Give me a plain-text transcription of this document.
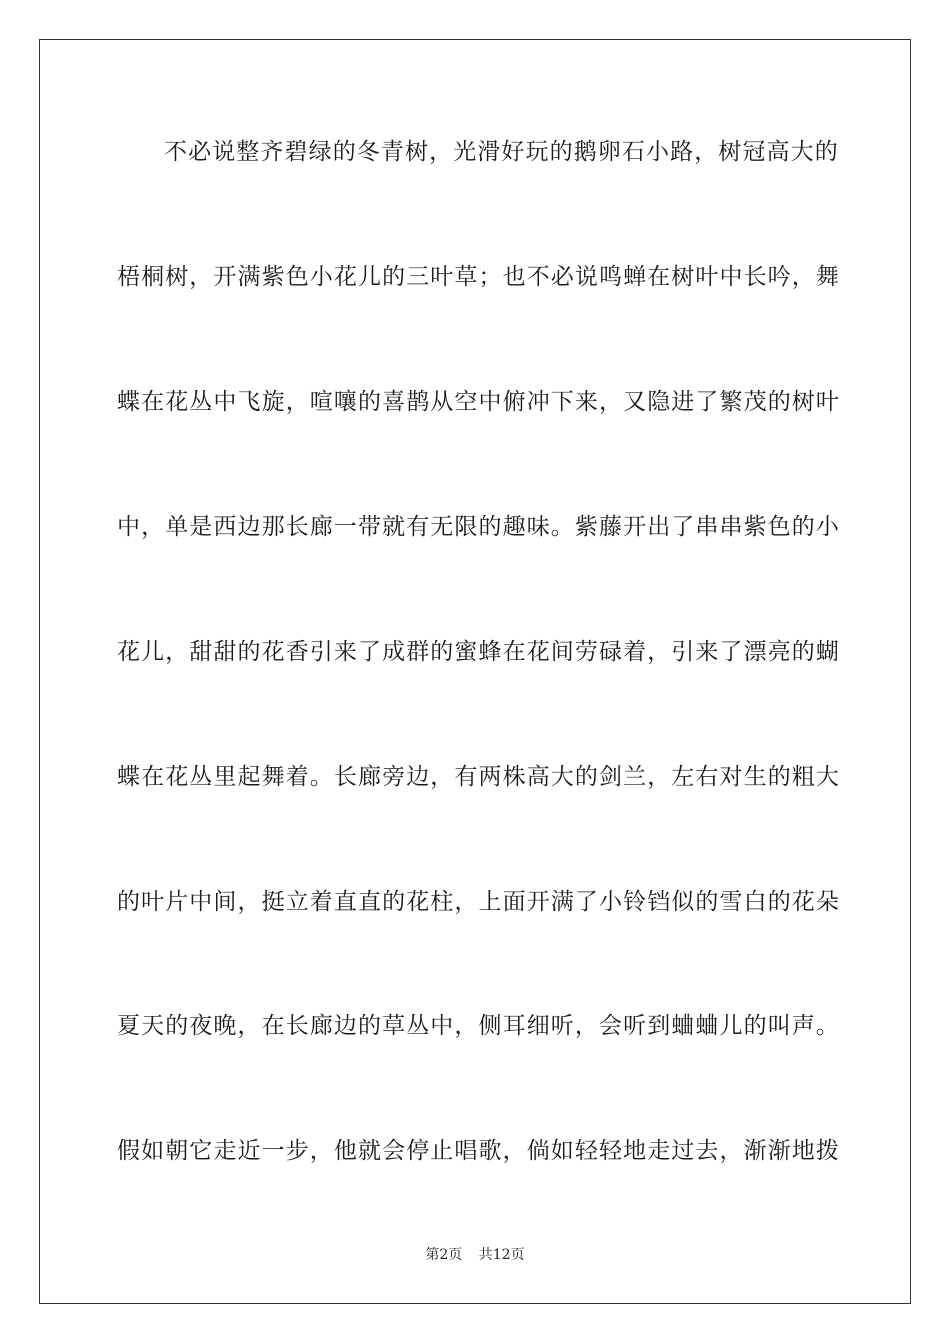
不必说整齐碧绿的冬青树，光滑好玩的鹅卵石小路，树冠高大的
梧桐树，开满紫色小花儿的三叶草；也不必说鸣蝉在树叶中长吟，舞
蝶在花丛中飞旋，喧嚷的喜鹊从空中俯冲下来，又隐进了繁茂的树叶
中，单是西边那长廊一带就有无限的趣味。紫藤开出了串串紫色的小
花儿，甜甜的花香引来了成群的蜜蜂在花间劳碌着，引来了漂亮的蝴
蝶在花丛里起舞着。长廊旁边，有两株高大的剑兰，左右对生的粗大
的叶片中间，挺立着直直的花柱，上面开满了小铃铛似的雪白的花朵
夏天的夜晚，在长廊边的草丛中，侧耳细听，会听到蛐蛐儿的叫声。
假如朝它走近一步，他就会停止唱歌，倘如轻轻地走过去，渐渐地拨
第2页 共12页
